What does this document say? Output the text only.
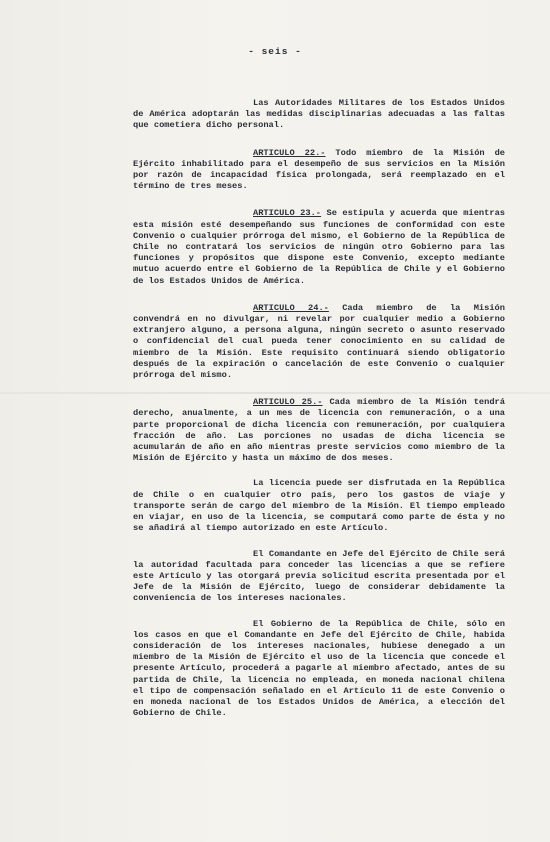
- seis -

Las Autoridades Militares de los Estados Unidos de América adoptarán las medidas disciplinarias adecuadas a las faltas que cometiera dicho personal.

ARTICULO 22.- Todo miembro de la Misión de Ejército inhabilitado para el desempeño de sus servicios en la Misión por razón de incapacidad física prolongada, será reemplazado en el término de tres meses.

ARTICULO 23.- Se estipula y acuerda que mientras esta misión esté desempeñando sus funciones de conformidad con este Convenio o cualquier prórroga del mismo, el Gobierno de la República de Chile no contratará los servicios de ningún otro Gobierno para las funciones y propósitos que dispone este Convenio, excepto mediante mutuo acuerdo entre el Gobierno de la República de Chile y el Gobierno de los Estados Unidos de América.

ARTICULO 24.- Cada miembro de la Misión convendrá en no divulgar, ni revelar por cualquier medio a Gobierno extranjero alguno, a persona alguna, ningún secreto o asunto reservado o confidencial del cual pueda tener conocimiento en su calidad de miembro de la Misión. Este requisito continuará siendo obligatorio después de la expiración o cancelación de este Convenio o cualquier prórroga del mismo.

ARTICULO 25.- Cada miembro de la Misión tendrá derecho, anualmente, a un mes de licencia con remuneración, o a una parte proporcional de dicha licencia con remuneración, por cualquiera fracción de año. Las porciones no usadas de dicha licencia se acumularán de año en año mientras preste servicios como miembro de la Misión de Ejército y hasta un máximo de dos meses.

La licencia puede ser disfrutada en la República de Chile o en cualquier otro país, pero los gastos de viaje y transporte serán de cargo del miembro de la Misión. El tiempo empleado en viajar, en uso de la licencia, se computará como parte de ésta y no se añadirá al tiempo autorizado en este Artículo.

El Comandante en Jefe del Ejército de Chile será la autoridad facultada para conceder las licencias a que se refiere este Artículo y las otorgará previa solicitud escrita presentada por el Jefe de la Misión de Ejército, luego de considerar debidamente la conveniencia de los intereses nacionales.

El Gobierno de la República de Chile, sólo en los casos en que el Comandante en Jefe del Ejército de Chile, habida consideración de los intereses nacionales, hubiese denegado a un miembro de la Misión de Ejército el uso de la licencia que concede el presente Artículo, procederá a pagarle al miembro afectado, antes de su partida de Chile, la licencia no empleada, en moneda nacional chilena el tipo de compensación señalado en el Artículo 11 de este Convenio o en moneda nacional de los Estados Unidos de América, a elección del Gobierno de Chile.
